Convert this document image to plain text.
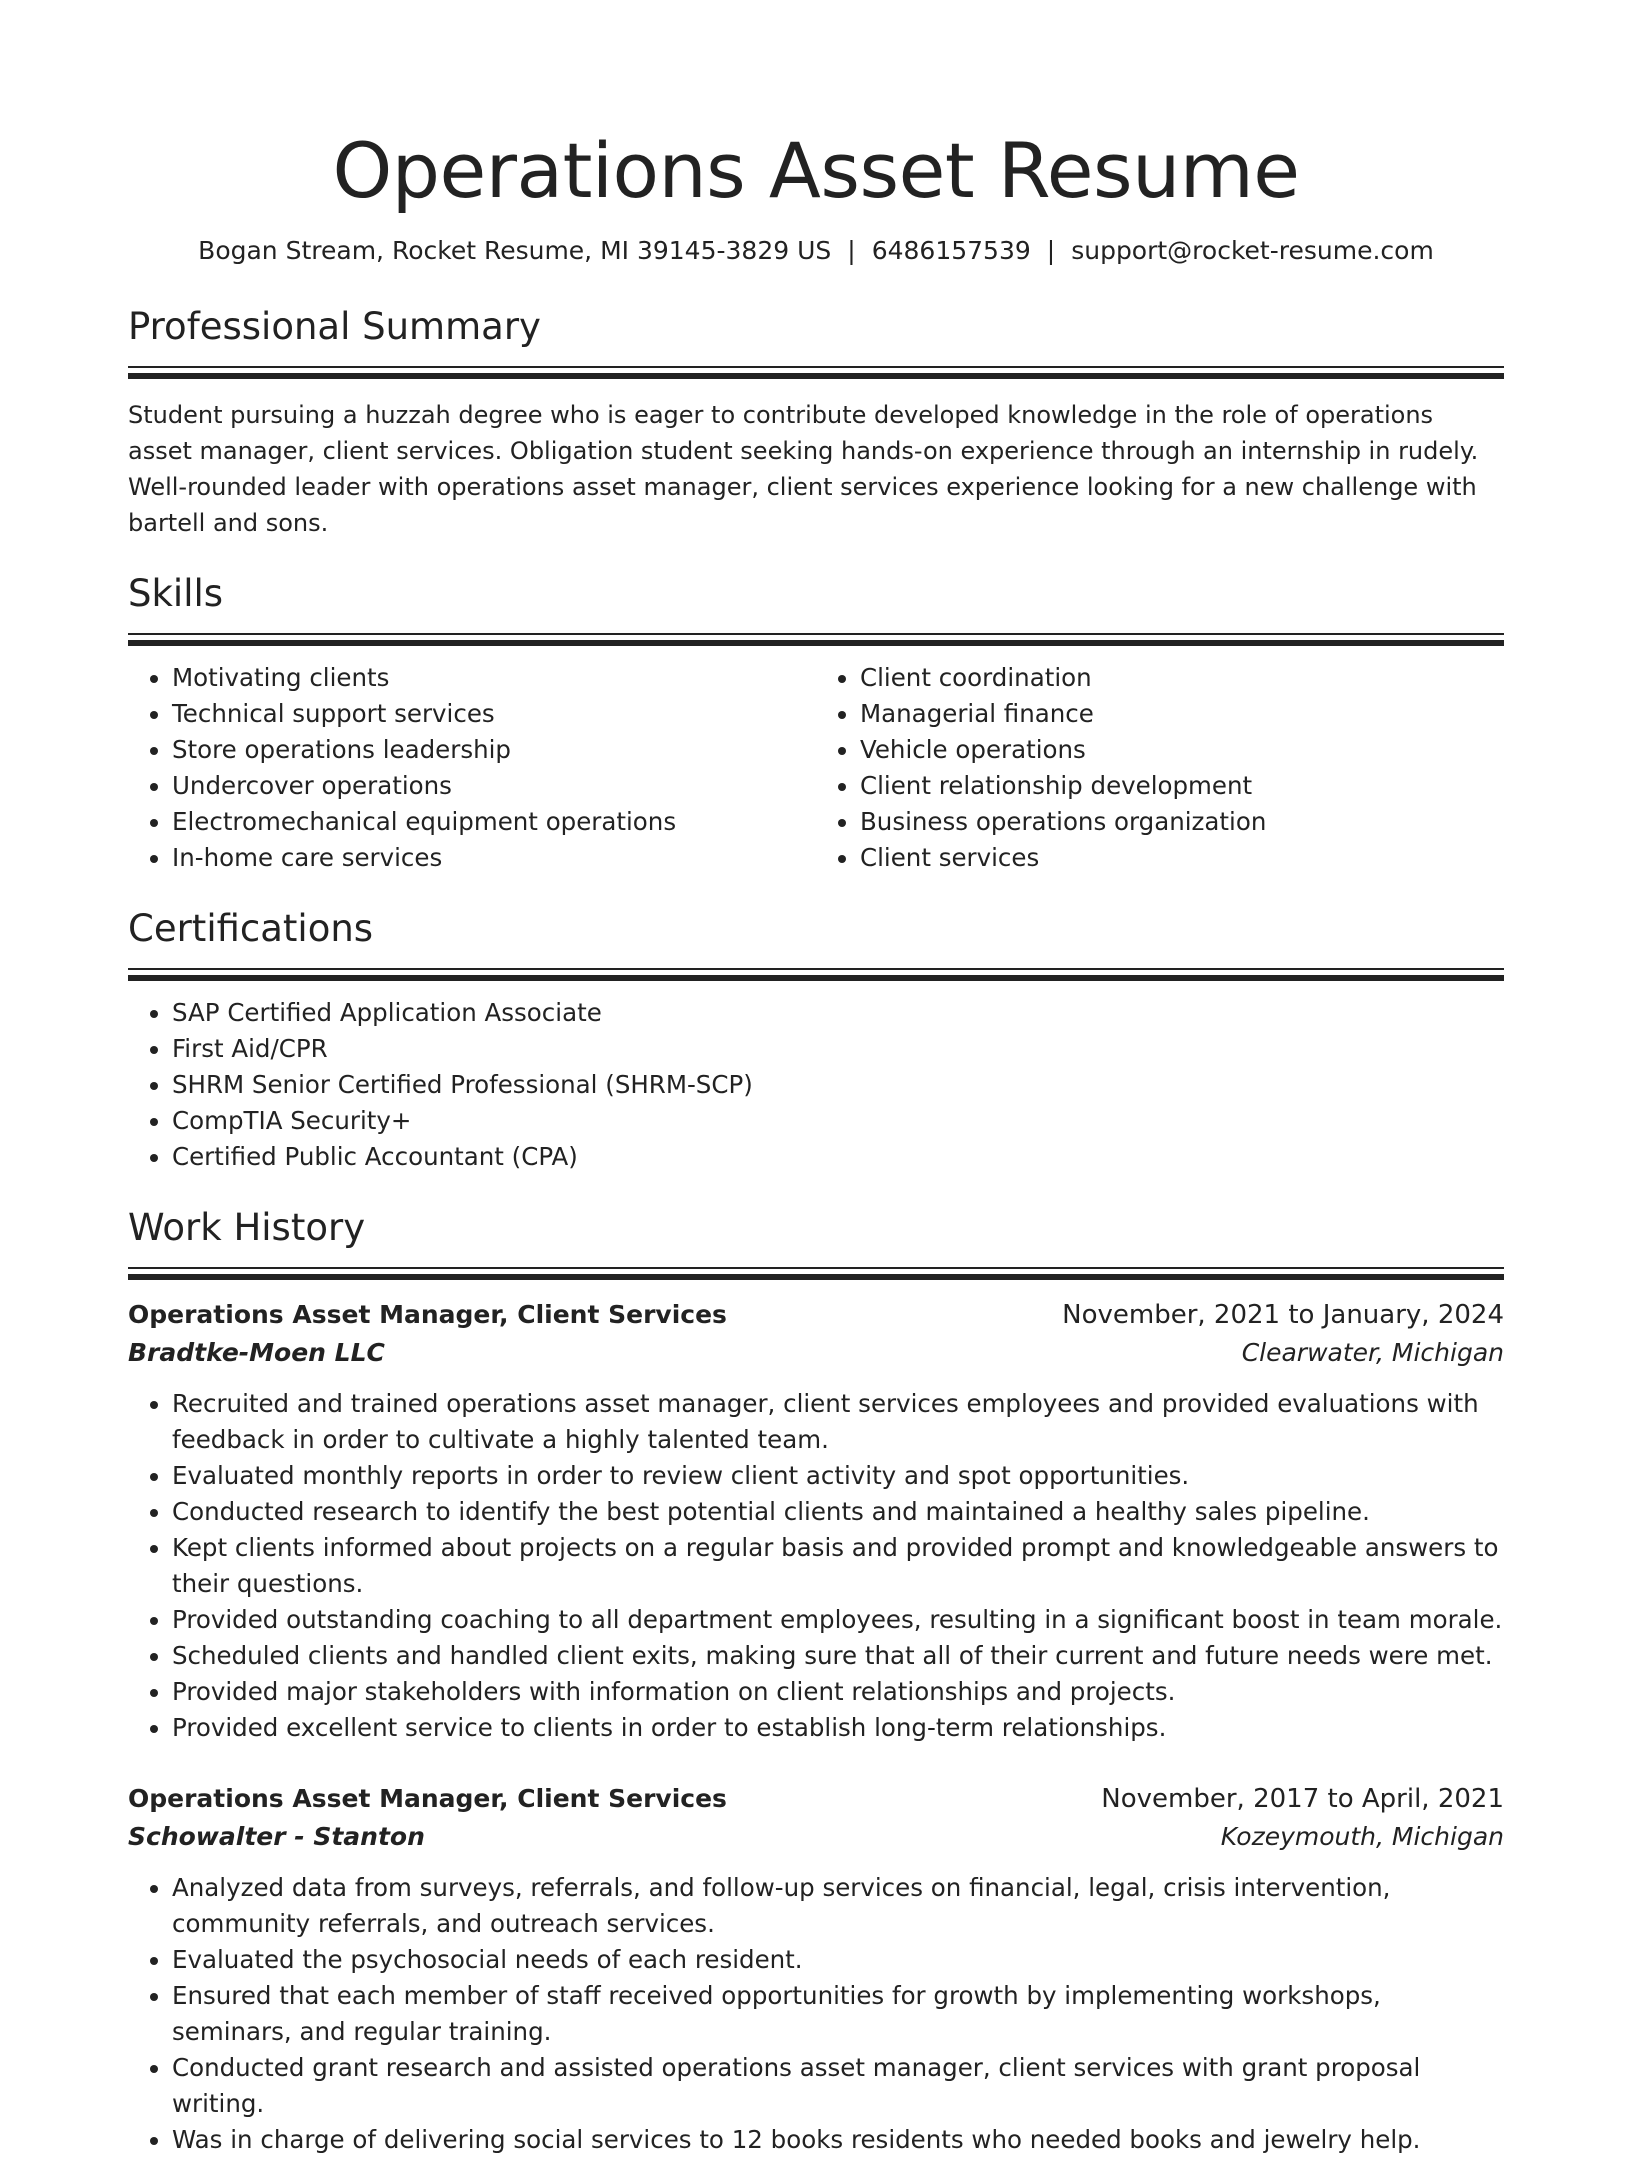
Operations Asset Resume
Bogan Stream, Rocket Resume, MI 39145-3829 US | 6486157539 | support@rocket-resume.com
Professional Summary

Student pursuing a huzzah degree who is eager to contribute developed knowledge in the role of operations asset manager, client services. Obligation student seeking hands-on experience through an internship in rudely. Well-rounded leader with operations asset manager, client services experience looking for a new challenge with bartell and sons.

Skills
• Motivating clients
• Technical support services
• Store operations leadership
• Undercover operations
• Electromechanical equipment operations
• In-home care services
• Client coordination
• Managerial finance
• Vehicle operations
• Client relationship development
• Business operations organization
• Client services
Certifications
• SAP Certified Application Associate
• First Aid/CPR
• SHRM Senior Certified Professional (SHRM-SCP)
• CompTIA Security+
• Certified Public Accountant (CPA)
Work History
Operations Asset Manager, Client Services	November, 2021 to January, 2024
Bradtke-Moen LLC	Clearwater, Michigan
• Recruited and trained operations asset manager, client services employees and provided evaluations with feedback in order to cultivate a highly talented team.
• Evaluated monthly reports in order to review client activity and spot opportunities.
• Conducted research to identify the best potential clients and maintained a healthy sales pipeline.
• Kept clients informed about projects on a regular basis and provided prompt and knowledgeable answers to their questions.
• Provided outstanding coaching to all department employees, resulting in a significant boost in team morale.
• Scheduled clients and handled client exits, making sure that all of their current and future needs were met.
• Provided major stakeholders with information on client relationships and projects.
• Provided excellent service to clients in order to establish long-term relationships.
Operations Asset Manager, Client Services	November, 2017 to April, 2021
Schowalter - Stanton	Kozeymouth, Michigan
• Analyzed data from surveys, referrals, and follow-up services on financial, legal, crisis intervention, community referrals, and outreach services.
• Evaluated the psychosocial needs of each resident.
• Ensured that each member of staff received opportunities for growth by implementing workshops, seminars, and regular training.
• Conducted grant research and assisted operations asset manager, client services with grant proposal writing.
• Was in charge of delivering social services to 12 books residents who needed books and jewelry help.
